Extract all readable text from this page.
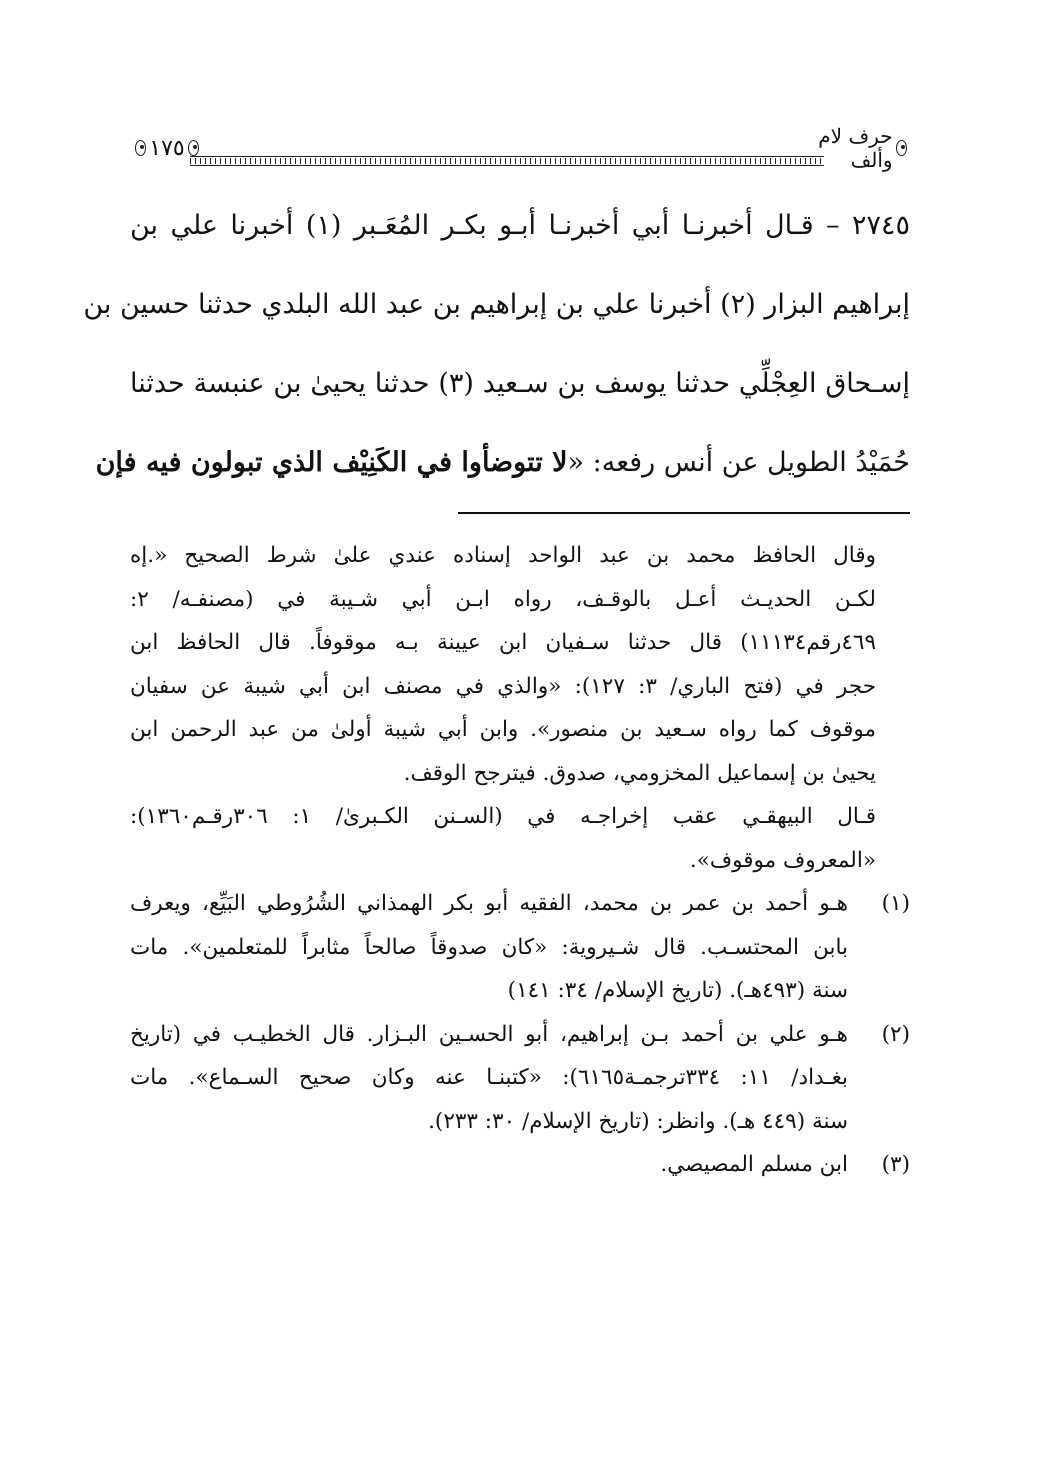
١٧٥	حرف لام وألف
٢٧٤٥ – قـال أخبرنـا أبي أخبرنـا أبـو بكـر المُعَـبر (١) أخبرنا علي بن
إبراهيم البزار (٢) أخبرنا علي بن إبراهيم بن عبد الله البلدي حدثنا حسين بن
إسـحاق العِجْلِّي حدثنا يوسف بن سـعيد (٣) حدثنا يحيىٰ بن عنبسة حدثنا
حُمَيْدُ الطويل عن أنس رفعه: «لا تتوضأوا في الكَنِيْف الذي تبولون فيه فإن
وقال الحافظ محمد بن عبد الواحد إسناده عندي علىٰ شرط الصحيح «.إه
لكـن الحديـث أعـل بالوقـف، رواه ابـن أبي شـيبة في (مصنفـه/ ٢:
٤٦٩رقم١١١٣٤) قال حدثنا سـفيان ابن عيينة بـه موقوفاً. قال الحافظ ابن
حجر في (فتح الباري/ ٣: ١٢٧): «والذي في مصنف ابن أبي شيبة عن سفيان
موقوف كما رواه سـعيد بن منصور». وابن أبي شيبة أولىٰ من عبد الرحمن ابن
يحيىٰ بن إسماعيل المخزومي، صدوق. فيترجح الوقف.
قـال البيهقـي عقب إخراجـه في (السـنن الكـبرىٰ/ ١: ٣٠٦رقـم١٣٦٠):
«المعروف موقوف».
(١)
هـو أحمد بن عمر بن محمد، الفقيه أبو بكر الهمذاني الشُرُوطي البَيِّع، ويعرف
بابن المحتسـب. قال شـيروية: «كان صدوقاً صالحاً مثابراً للمتعلمين». مات
سنة (٤٩٣هـ). (تاريخ الإسلام/ ٣٤: ١٤١)
(٢)
هـو علي بن أحمد بـن إبراهيم، أبو الحسـين البـزار. قال الخطيـب في (تاريخ
بغـداد/ ١١: ٣٣٤ترجمـة٦١٦٥): «كتبنـا عنه وكان صحيح السـماع». مات
سنة (٤٤٩ هـ). وانظر: (تاريخ الإسلام/ ٣٠: ٢٣٣).
(٣)
ابن مسلم المصيصي.
